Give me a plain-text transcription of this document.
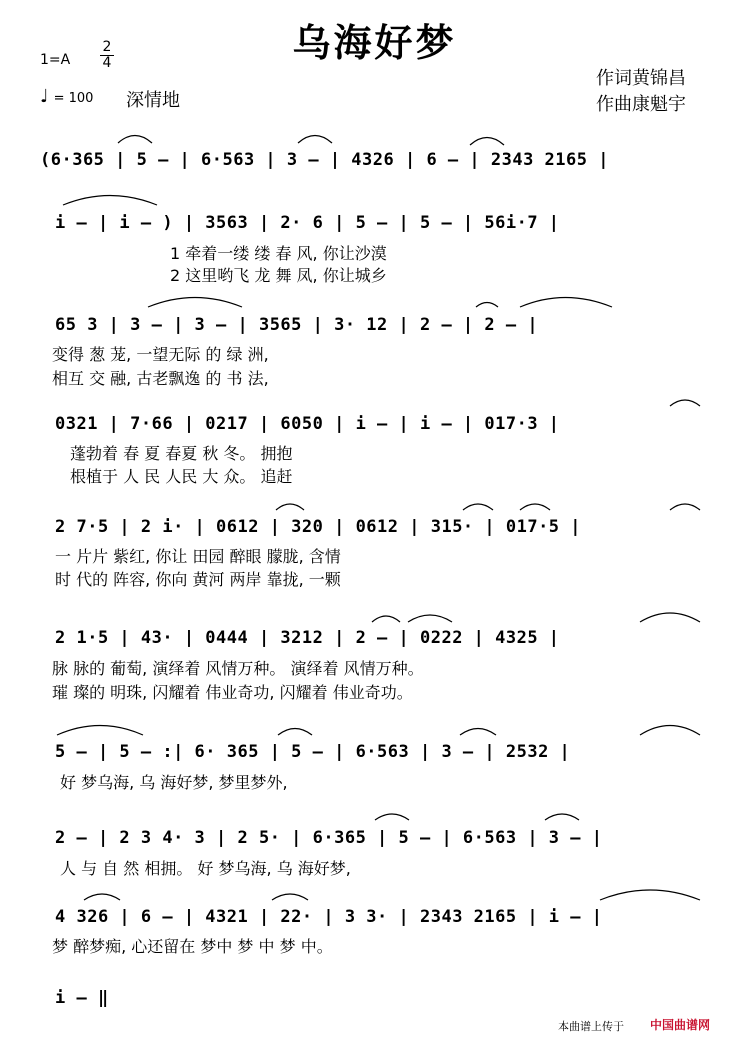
乌海好梦
$1=A \frac{2}{4}$
♩ = 100 深情地
作词黄锦昌
作曲康魁宇
(6·365 | 5 – | 6·563 | 3 – | 4326 | 6 – | 2343 2165 |
i – | i – ) | 3563 | 2· 6 | 5 – | 5 – | 56i·7 |
1 牵着一缕 缕 春 风, 你让沙漠
2 这里哟飞 龙 舞 凤, 你让城乡
65 3 | 3 – | 3 – | 3565 | 3· 12 | 2 – | 2 – |
变得 葱 茏, 一望无际 的 绿 洲,
相互 交 融, 古老飘逸 的 书 法,
0321 | 7·66 | 0217 | 6050 | i – | i – | 017·3 |
蓬勃着 春 夏 春夏 秋 冬。 拥抱
根植于 人 民 人民 大 众。 追赶
2 7·5 | 2 i· | 0612 | 320 | 0612 | 315· | 017·5 |
一 片片 紫红, 你让 田园 醉眼 朦胧, 含情
时 代的 阵容, 你向 黄河 两岸 靠拢, 一颗
2 1·5 | 43· | 0444 | 3212 | 2 – | 0222 | 4325 |
脉 脉的 葡萄, 演绎着 风情万种。 演绎着 风情万种。
璀 璨的 明珠, 闪耀着 伟业奇功, 闪耀着 伟业奇功。
5 – | 5 – :| 6· 365 | 5 – | 6·563 | 3 – | 2532 |
好 梦乌海, 乌 海好梦, 梦里梦外,
2 – | 2 3 4· 3 | 2 5· | 6·365 | 5 – | 6·563 | 3 – |
人 与 自 然 相拥。 好 梦乌海, 乌 海好梦,
4 326 | 6 – | 4321 | 22· | 3 3· | 2343 2165 | i – |
梦 醉梦痴, 心还留在 梦中 梦 中 梦 中。
i – ‖
本曲谱上传于 中国曲谱网
